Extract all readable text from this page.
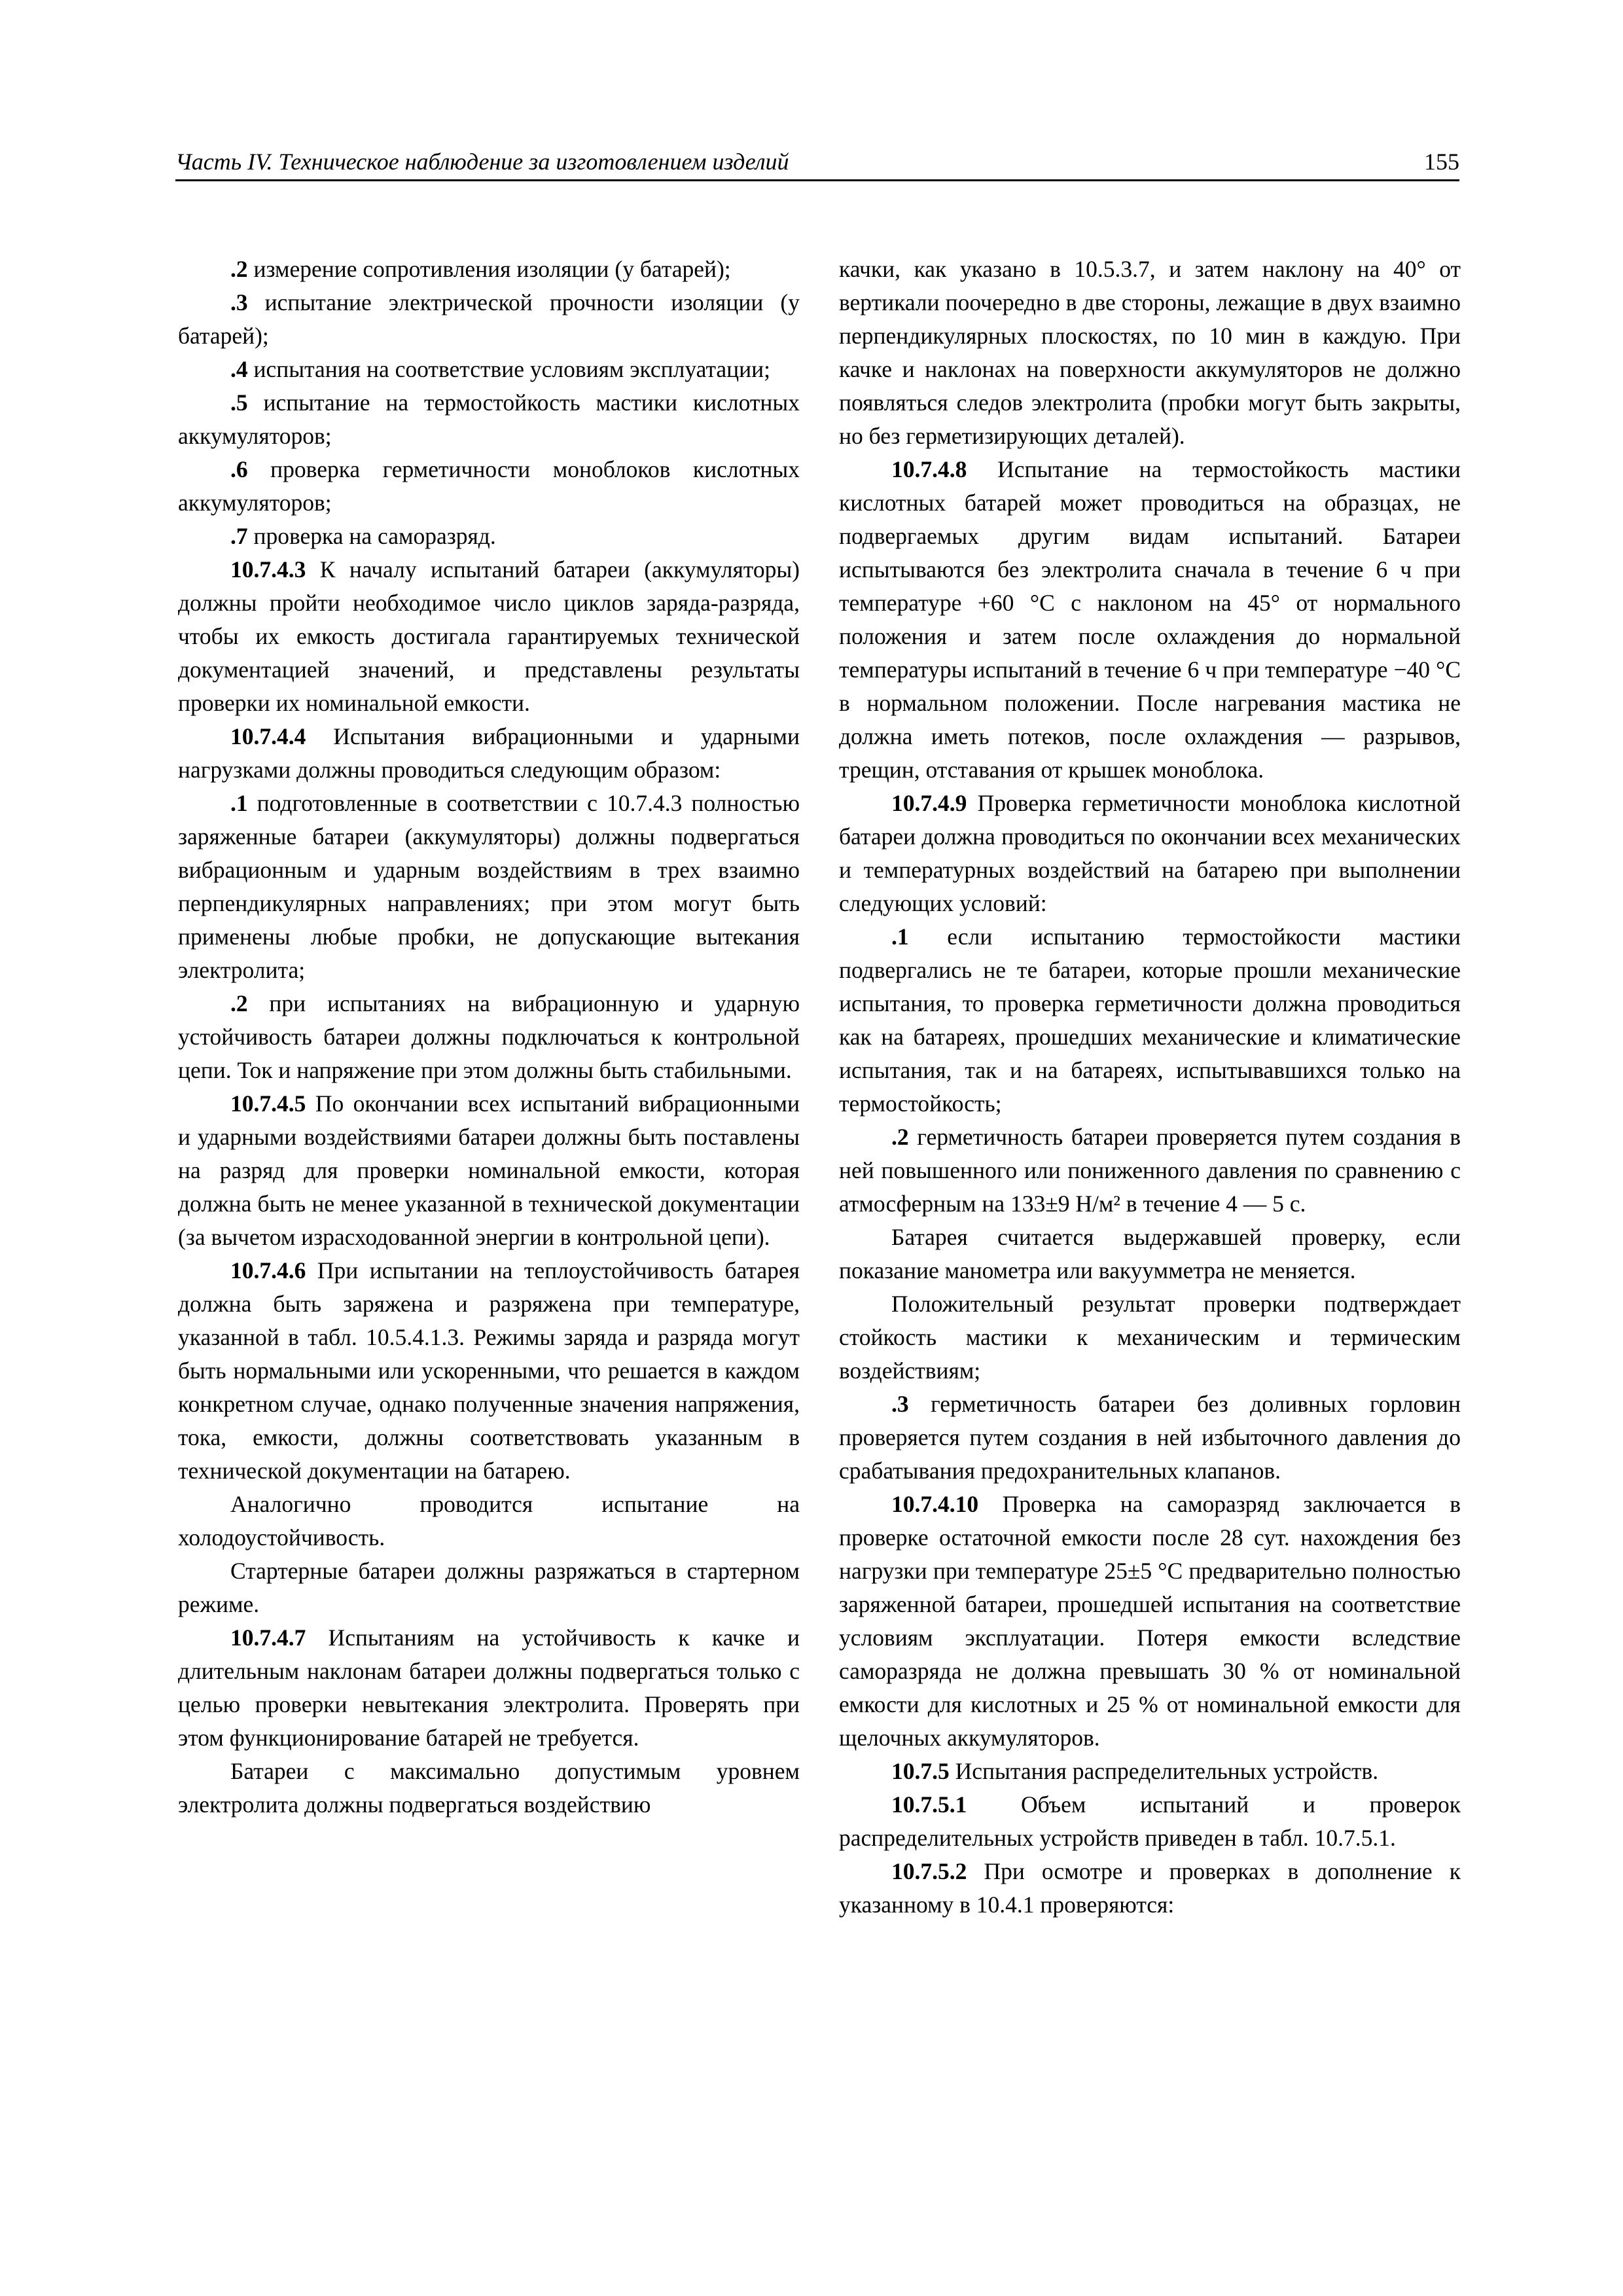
Часть IV. Техническое наблюдение за изготовлением изделий	155

.2 измерение сопротивления изоляции (у батарей);

.3 испытание электрической прочности изоляции (у батарей);

.4 испытания на соответствие условиям эксплуатации;

.5 испытание на термостойкость мастики кислотных аккумуляторов;

.6 проверка герметичности моноблоков кислотных аккумуляторов;

.7 проверка на саморазряд.

10.7.4.3 К началу испытаний батареи (аккумуляторы) должны пройти необходимое число циклов заряда-разряда, чтобы их емкость достигала гарантируемых технической документацией значений, и представлены результаты проверки их номинальной емкости.

10.7.4.4 Испытания вибрационными и ударными нагрузками должны проводиться следующим образом:

.1 подготовленные в соответствии с 10.7.4.3 полностью заряженные батареи (аккумуляторы) должны подвергаться вибрационным и ударным воздействиям в трех взаимно перпендикулярных направлениях; при этом могут быть применены любые пробки, не допускающие вытекания электролита;

.2 при испытаниях на вибрационную и ударную устойчивость батареи должны подключаться к контрольной цепи. Ток и напряжение при этом должны быть стабильными.

10.7.4.5 По окончании всех испытаний вибрационными и ударными воздействиями батареи должны быть поставлены на разряд для проверки номинальной емкости, которая должна быть не менее указанной в технической документации (за вычетом израсходованной энергии в контрольной цепи).

10.7.4.6 При испытании на теплоустойчивость батарея должна быть заряжена и разряжена при температуре, указанной в табл. 10.5.4.1.3. Режимы заряда и разряда могут быть нормальными или ускоренными, что решается в каждом конкретном случае, однако полученные значения напряжения, тока, емкости, должны соответствовать указанным в технической документации на батарею.

Аналогично проводится испытание на холодоустойчивость.

Стартерные батареи должны разряжаться в стартерном режиме.

10.7.4.7 Испытаниям на устойчивость к качке и длительным наклонам батареи должны подвергаться только с целью проверки невытекания электролита. Проверять при этом функционирование батарей не требуется.

Батареи с максимально допустимым уровнем электролита должны подвергаться воздействию

качки, как указано в 10.5.3.7, и затем наклону на 40° от вертикали поочередно в две стороны, лежащие в двух взаимно перпендикулярных плоскостях, по 10 мин в каждую. При качке и наклонах на поверхности аккумуляторов не должно появляться следов электролита (пробки могут быть закрыты, но без герметизирующих деталей).

10.7.4.8 Испытание на термостойкость мастики кислотных батарей может проводиться на образцах, не подвергаемых другим видам испытаний. Батареи испытываются без электролита сначала в течение 6 ч при температуре +60 °С с наклоном на 45° от нормального положения и затем после охлаждения до нормальной температуры испытаний в течение 6 ч при температуре −40 °С в нормальном положении. После нагревания мастика не должна иметь потеков, после охлаждения — разрывов, трещин, отставания от крышек моноблока.

10.7.4.9 Проверка герметичности моноблока кислотной батареи должна проводиться по окончании всех механических и температурных воздействий на батарею при выполнении следующих условий:

.1 если испытанию термостойкости мастики подвергались не те батареи, которые прошли механические испытания, то проверка герметичности должна проводиться как на батареях, прошедших механические и климатические испытания, так и на батареях, испытывавшихся только на термостойкость;

.2 герметичность батареи проверяется путем создания в ней повышенного или пониженного давления по сравнению с атмосферным на 133±9 Н/м² в течение 4 — 5 с.

Батарея считается выдержавшей проверку, если показание манометра или вакуумметра не меняется.

Положительный результат проверки подтверждает стойкость мастики к механическим и термическим воздействиям;

.3 герметичность батареи без доливных горловин проверяется путем создания в ней избыточного давления до срабатывания предохранительных клапанов.

10.7.4.10 Проверка на саморазряд заключается в проверке остаточной емкости после 28 сут. нахождения без нагрузки при температуре 25±5 °С предварительно полностью заряженной батареи, прошедшей испытания на соответствие условиям эксплуатации. Потеря емкости вследствие саморазряда не должна превышать 30 % от номинальной емкости для кислотных и 25 % от номинальной емкости для щелочных аккумуляторов.

10.7.5 Испытания распределительных устройств.

10.7.5.1 Объем испытаний и проверок распределительных устройств приведен в табл. 10.7.5.1.

10.7.5.2 При осмотре и проверках в дополнение к указанному в 10.4.1 проверяются:
